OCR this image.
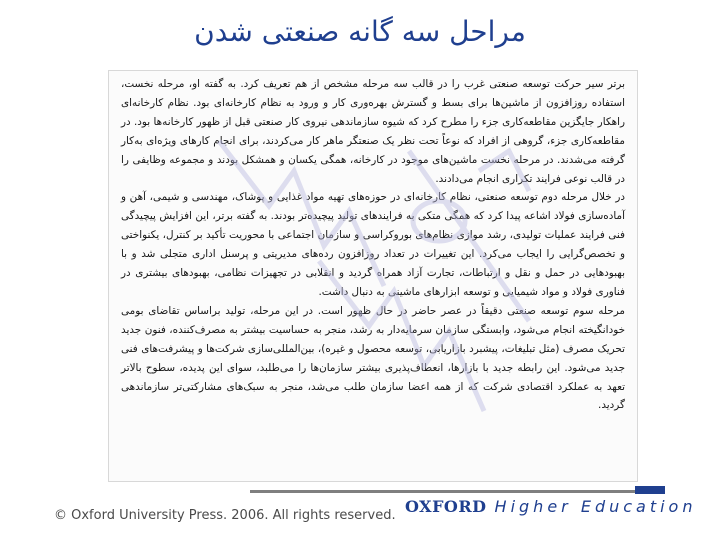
مراحل سه گانه صنعتی شدن

برتر سیر حرکت توسعه صنعتی غرب را در قالب سه مرحله مشخص از هم تعریف کرد. به گفته او، مرحله نخست، استفاده روزافزون از ماشین‌ها برای بسط و گسترش بهره‌وری کار و ورود به نظام کارخانه‌ای بود. نظام کارخانه‌ای راهکار جایگزین مقاطعه‌کاری جزء را مطرح کرد که شیوه سازماندهی نیروی کار صنعتی قبل از ظهور کارخانه‌ها بود. در مقاطعه‌کاری جزء، گروهی از افراد که نوعاً تحت نظر یک صنعتگر ماهر کار می‌کردند، برای انجام کارهای ویژه‌ای به‌کار گرفته می‌شدند. در مرحله نخست ماشین‌های موجود در کارخانه، همگی یکسان و همشکل بودند و مجموعه وظایفی را در قالب نوعی فرایند تکراری انجام می‌دادند.

در خلال مرحله دوم توسعه صنعتی، نظام کارخانه‌ای در حوزه‌های تهیه مواد غذایی و پوشاک، مهندسی و شیمی، آهن و آماده‌سازی فولاد اشاعه پیدا کرد که همگی متکی به فرایندهای تولید پیچیده‌تر بودند. به گفته برتر، این افزایش پیچیدگی فنی فرایند عملیات تولیدی، رشد موازی نظام‌های بوروکراسی و سازمان اجتماعی با محوریت تأکید بر کنترل، یکنواختی و تخصص‌گرایی را ایجاب می‌کرد. این تغییرات در تعداد روزافزون رده‌های مدیریتی و پرسنل اداری متجلی شد و با بهبودهایی در حمل و نقل و ارتباطات، تجارت آزاد همراه گردید و انقلابی در تجهیزات نظامی، بهبودهای بیشتری در فناوری فولاد و مواد شیمیایی و توسعه ابزارهای ماشینی به دنبال داشت.

مرحله سوم توسعه صنعتی دقیقاً در عصر حاضر در حال ظهور است. در این مرحله، تولید براساس تقاضای بومی خودانگیخته انجام می‌شود، وابستگی سازمان سرمایه‌دار به رشد، منجر به حساسیت بیشتر به مصرف‌کننده، فنون جدید تحریک مصرف (مثل تبلیغات، پیشبرد بازاریابی، توسعه محصول و غیره)، بین‌المللی‌سازی شرکت‌ها و پیشرفت‌های فنی جدید می‌شود. این رابطه جدید با بازارها، انعطاف‌پذیری بیشتر سازمان‌ها را می‌طلبد، سوای این پدیده، سطوح بالاتر تعهد به عملکرد اقتصادی شرکت که از همه اعضا سازمان طلب می‌شد، منجر به سبک‌های مشارکتی‌تر سازماندهی گردید.

© Oxford University Press. 2006. All rights reserved. OXFORD Higher Education
